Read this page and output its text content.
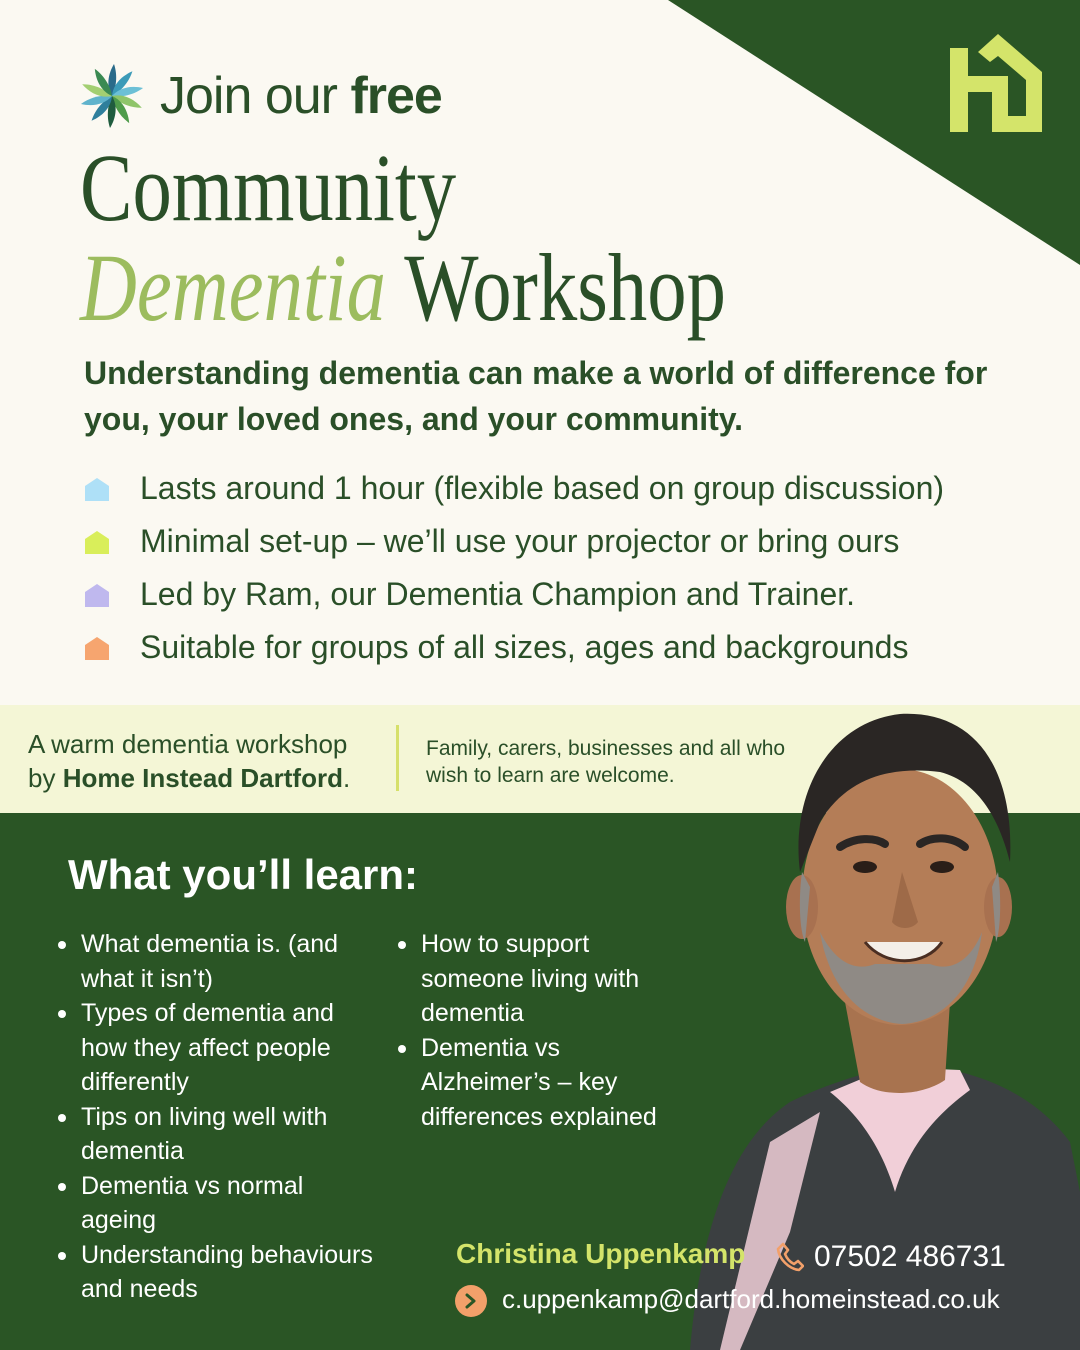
Join our free
Community
Dementia Workshop

Understanding dementia can make a world of difference for you, your loved ones, and your community.

Lasts around 1 hour (flexible based on group discussion)
Minimal set-up – we’ll use your projector or bring ours
Led by Ram, our Dementia Champion and Trainer.
Suitable for groups of all sizes, ages and backgrounds
A warm dementia workshop
by Home Instead Dartford.
Family, carers, businesses and all who wish to learn are welcome.
What you’ll learn:
What dementia is. (and what it isn’t)
Types of dementia and how they affect people differently
Tips on living well with dementia
Dementia vs normal ageing
Understanding behaviours and needs
How to support someone living with dementia
Dementia vs Alzheimer’s – key differences explained
Christina Uppenkamp 07502 486731
c.uppenkamp@dartford.homeinstead.co.uk
